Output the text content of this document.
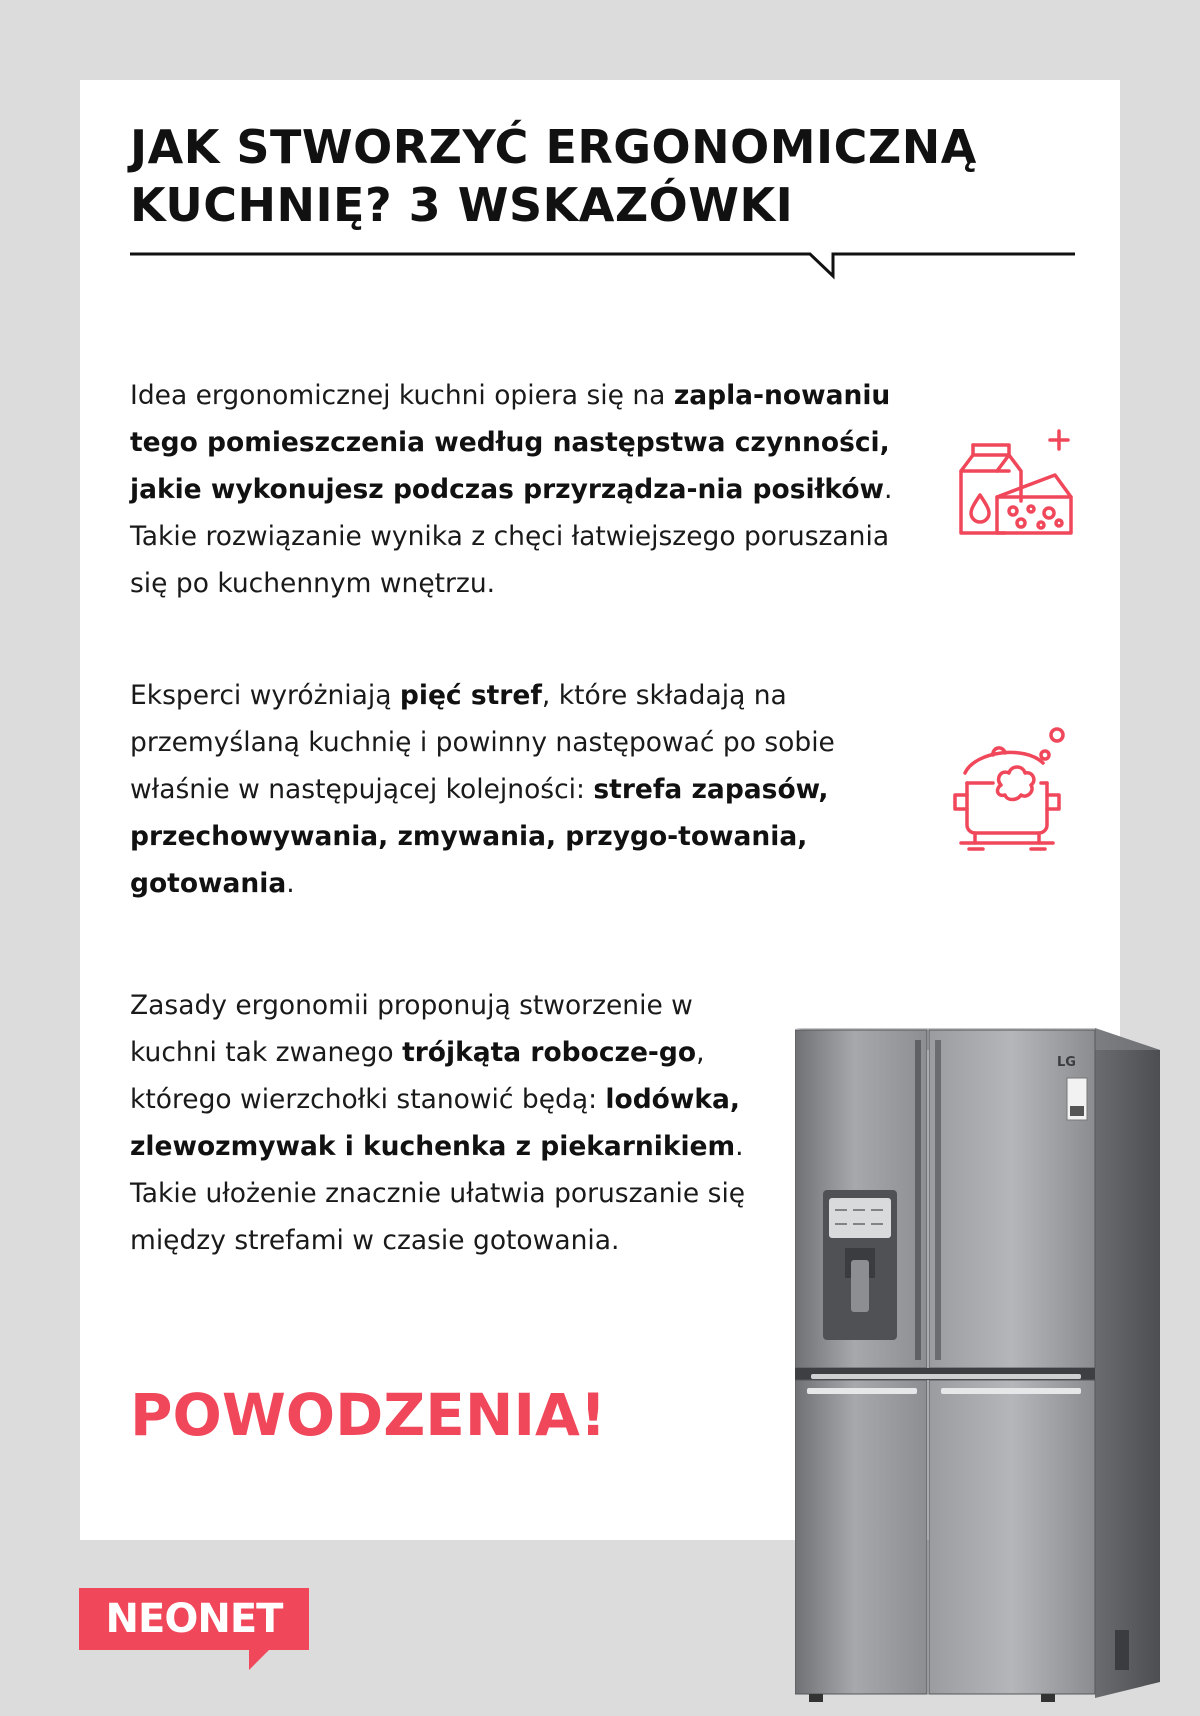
JAK STWORZYĆ ERGONOMICZNĄ
KUCHNIĘ? 3 WSKAZÓWKI

Idea ergonomicznej kuchni opiera się na zapla-nowaniu tego pomieszczenia według następstwa czynności, jakie wykonujesz podczas przyrządza-nia posiłków. Takie rozwiązanie wynika z chęci łatwiejszego poruszania się po kuchennym wnętrzu.

Eksperci wyróżniają pięć stref, które składają na przemyślaną kuchnię i powinny następować po sobie właśnie w następującej kolejności: strefa zapasów, przechowywania, zmywania, przygo-towania, gotowania.

Zasady ergonomii proponują stworzenie w kuchni tak zwanego trójkąta robocze-go, którego wierzchołki stanowić będą: lodówka, zlewozmywak i kuchenka z piekarnikiem. Takie ułożenie znacznie ułatwia poruszanie się między strefami w czasie gotowania.

POWODZENIA!

LG
NEONET
